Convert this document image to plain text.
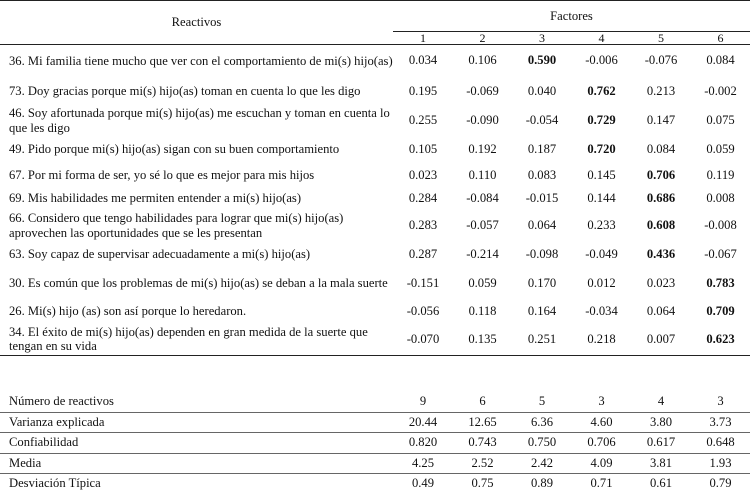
Reactivos	Factores					
	1	2	3	4	5	6
36. Mi familia tiene mucho que ver con el comportamiento de mi(s) hijo(as)	0.034	0.106	0.590	-0.006	-0.076	0.084
73. Doy gracias porque mi(s) hijo(as) toman en cuenta lo que les digo	0.195	-0.069	0.040	0.762	0.213	-0.002
46. Soy afortunada porque mi(s) hijo(as) me escuchan y toman en cuenta lo que les digo	0.255	-0.090	-0.054	0.729	0.147	0.075
49. Pido porque mi(s) hijo(as) sigan con su buen comportamiento	0.105	0.192	0.187	0.720	0.084	0.059
67. Por mi forma de ser, yo sé lo que es mejor para mis hijos	0.023	0.110	0.083	0.145	0.706	0.119
69. Mis habilidades me permiten entender a mi(s) hijo(as)	0.284	-0.084	-0.015	0.144	0.686	0.008
66. Considero que tengo habilidades para lograr que mi(s) hijo(as) aprovechen las oportunidades que se les presentan	0.283	-0.057	0.064	0.233	0.608	-0.008
63. Soy capaz de supervisar adecuadamente a mi(s) hijo(as)	0.287	-0.214	-0.098	-0.049	0.436	-0.067
30. Es común que los problemas de mi(s) hijo(as) se deban a la mala suerte	-0.151	0.059	0.170	0.012	0.023	0.783
26. Mi(s) hijo (as) son así porque lo heredaron.	-0.056	0.118	0.164	-0.034	0.064	0.709
34. El éxito de mi(s) hijo(as) dependen en gran medida de la suerte que tengan en su vida	-0.070	0.135	0.251	0.218	0.007	0.623
Número de reactivos	9	6	5	3	4	3
Varianza explicada	20.44	12.65	6.36	4.60	3.80	3.73
Confiabilidad	0.820	0.743	0.750	0.706	0.617	0.648
Media	4.25	2.52	2.42	4.09	3.81	1.93
Desviación Típica	0.49	0.75	0.89	0.71	0.61	0.79
